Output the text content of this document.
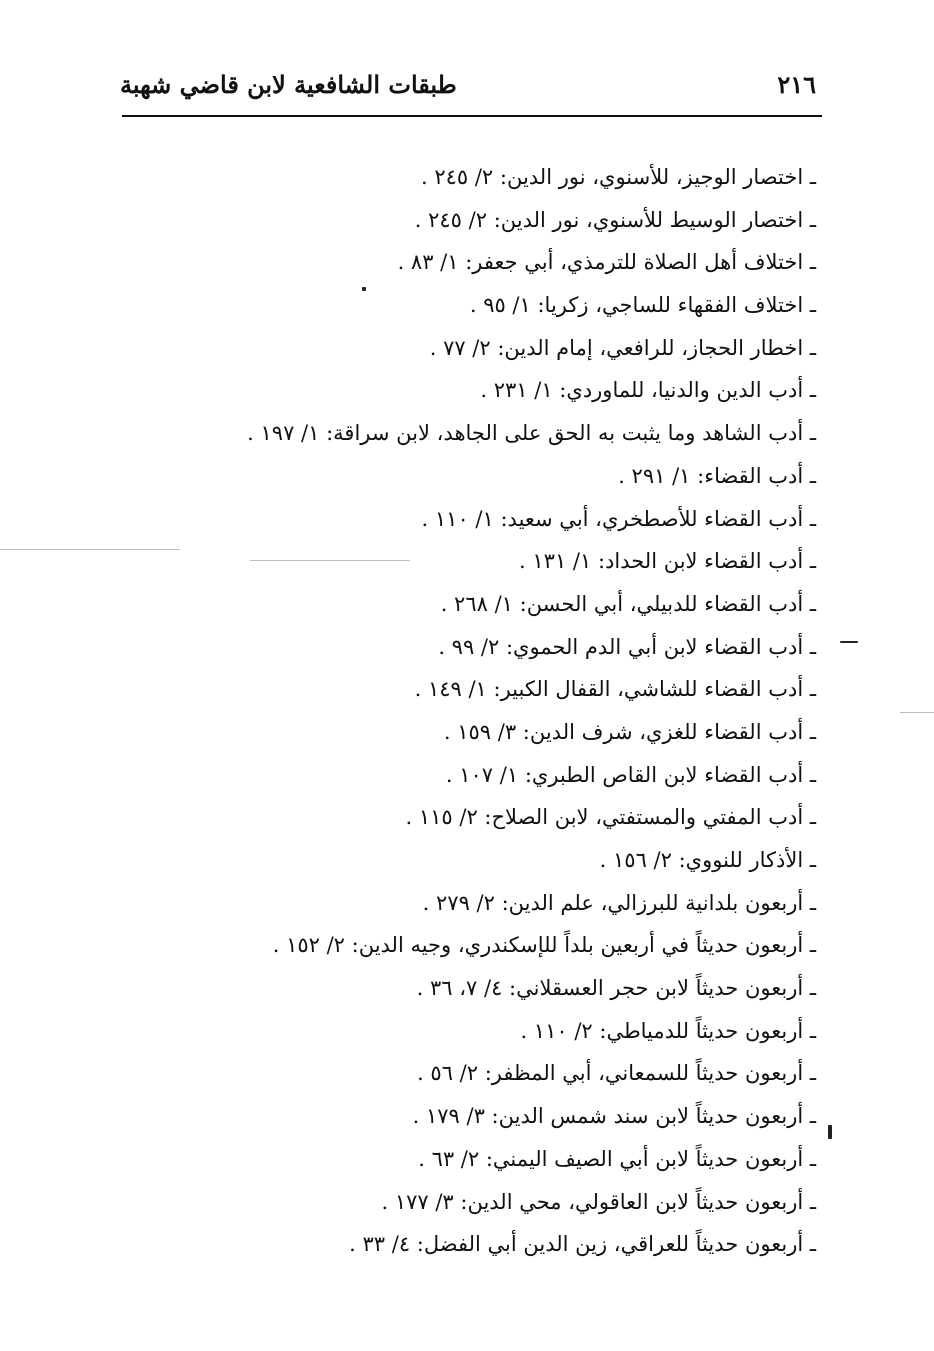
طبقات الشافعية لابن قاضي شهبة	٢١٦
ـ اختصار الوجيز، للأسنوي، نور الدين: ٢/ ٢٤٥ .
ـ اختصار الوسيط للأسنوي، نور الدين: ٢/ ٢٤٥ .
ـ اختلاف أهل الصلاة للترمذي، أبي جعفر: ١/ ٨٣ .
ـ اختلاف الفقهاء للساجي، زكريا: ١/ ٩٥ .
ـ اخطار الحجاز، للرافعي، إمام الدين: ٢/ ٧٧ .
ـ أدب الدين والدنيا، للماوردي: ١/ ٢٣١ .
ـ أدب الشاهد وما يثبت به الحق على الجاهد، لابن سراقة: ١/ ١٩٧ .
ـ أدب القضاء: ١/ ٢٩١ .
ـ أدب القضاء للأصطخري، أبي سعيد: ١/ ١١٠ .
ـ أدب القضاء لابن الحداد: ١/ ١٣١ .
ـ أدب القضاء للدبيلي، أبي الحسن: ١/ ٢٦٨ .
ـ أدب القضاء لابن أبي الدم الحموي: ٢/ ٩٩ .
ـ أدب القضاء للشاشي، القفال الكبير: ١/ ١٤٩ .
ـ أدب القضاء للغزي، شرف الدين: ٣/ ١٥٩ .
ـ أدب القضاء لابن القاص الطبري: ١/ ١٠٧ .
ـ أدب المفتي والمستفتي، لابن الصلاح: ٢/ ١١٥ .
ـ الأذكار للنووي: ٢/ ١٥٦ .
ـ أربعون بلدانية للبرزالي، علم الدين: ٢/ ٢٧٩ .
ـ أربعون حديثاً في أربعين بلداً للإسكندري، وجيه الدين: ٢/ ١٥٢ .
ـ أربعون حديثاً لابن حجر العسقلاني: ٤/ ٧، ٣٦ .
ـ أربعون حديثاً للدمياطي: ٢/ ١١٠ .
ـ أربعون حديثاً للسمعاني، أبي المظفر: ٢/ ٥٦ .
ـ أربعون حديثاً لابن سند شمس الدين: ٣/ ١٧٩ .
ـ أربعون حديثاً لابن أبي الصيف اليمني: ٢/ ٦٣ .
ـ أربعون حديثاً لابن العاقولي، محي الدين: ٣/ ١٧٧ .
ـ أربعون حديثاً للعراقي، زين الدين أبي الفضل: ٤/ ٣٣ .
